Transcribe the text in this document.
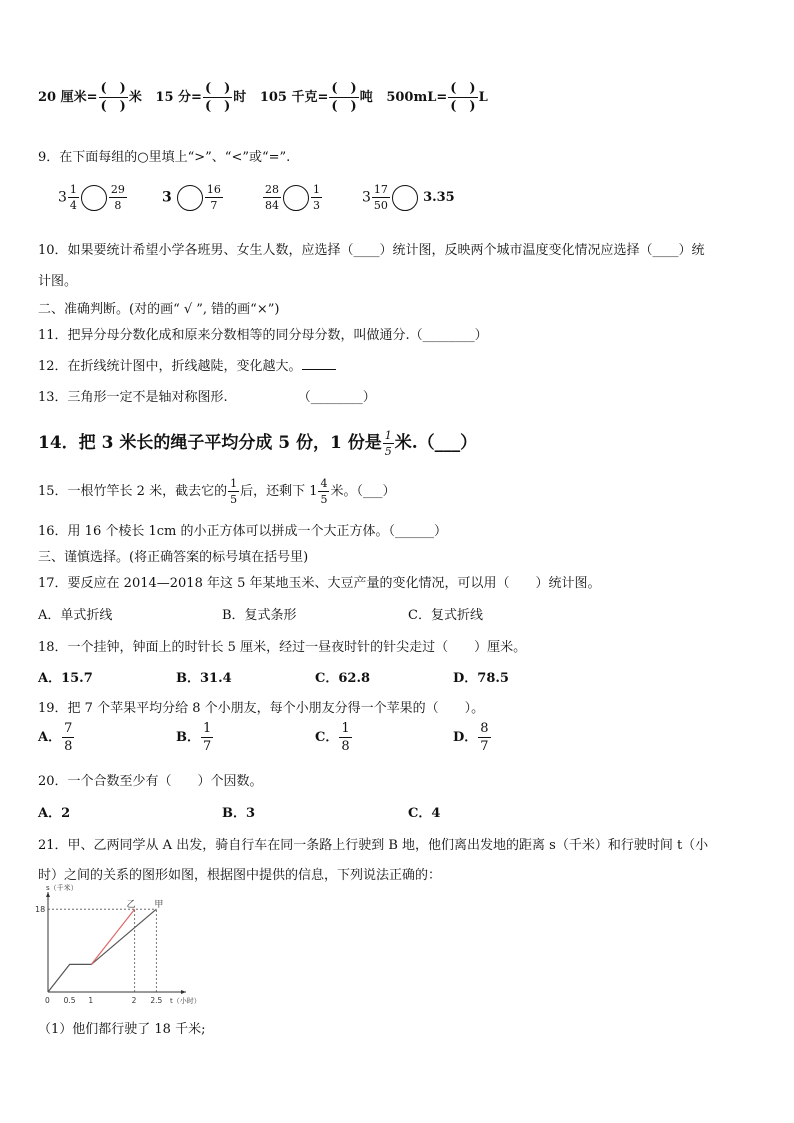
20 厘米= $\frac{( )}{( )}$ 米 15 分= $\frac{( )}{( )}$ 时 105 千克= $\frac{( )}{( )}$ 吨 $500mL= \frac{( )}{( )}$ L
9．在下面每组的○里填上“>”、“<”或“=”.
$3 \frac{1}{4}$	$\frac{29}{8}$	3	$\frac{16}{7}$	$\frac{28}{84}$	$\frac{1}{3}$	$3 \frac{17}{50}$	3.35
10．如果要统计希望小学各班男、女生人数，应选择（____）统计图，反映两个城市温度变化情况应选择（____）统
计图。
二、准确判断。(对的画“ √ ”, 错的画“×”)
11．把异分母分数化成和原来分数相等的同分母分数，叫做通分.（________）
12．在折线统计图中，折线越陡，变化越大。
13．三角形一定不是轴对称图形.	（________）
14．把 3 米长的绳子平均分成 5 份，1 份是 $\frac{1}{5}$ 米.（___）
15．一根竹竿长 2 米，截去它的 $\frac{1}{5}$ 后，还剩下 $1 \frac{4}{5}$ 米。（___）
16．用 16 个棱长 1cm 的小正方体可以拼成一个大正方体。（______）
三、谨慎选择。(将正确答案的标号填在括号里)
17．要反应在 2014—2018 年这 5 年某地玉米、大豆产量的变化情况，可以用（　　）统计图。
A．单式折线	B．复式条形	C．复式折线
18．一个挂钟，钟面上的时针长 5 厘米，经过一昼夜时针的针尖走过（　　）厘米。
A．15.7	B．31.4	C．62.8	D．78.5
19．把 7 个苹果平均分给 8 个小朋友，每个小朋友分得一个苹果的（　　）。
A． $\frac{7}{8}$	B． $\frac{1}{7}$	C． $\frac{1}{8}$	D． $\frac{8}{7}$
20．一个合数至少有（　　）个因数。
A．2	B．3	C．4
21．甲、乙两同学从 A 出发，骑自行车在同一条路上行驶到 B 地，他们离出发地的距离 s（千米）和行驶时间 t（小
时）之间的关系的图形如图，根据图中提供的信息，下列说法正确的：
甲
乙
0 0.5 1	2 2.5
18
s（千米）
t（小时）
（1）他们都行驶了 18 千米;
